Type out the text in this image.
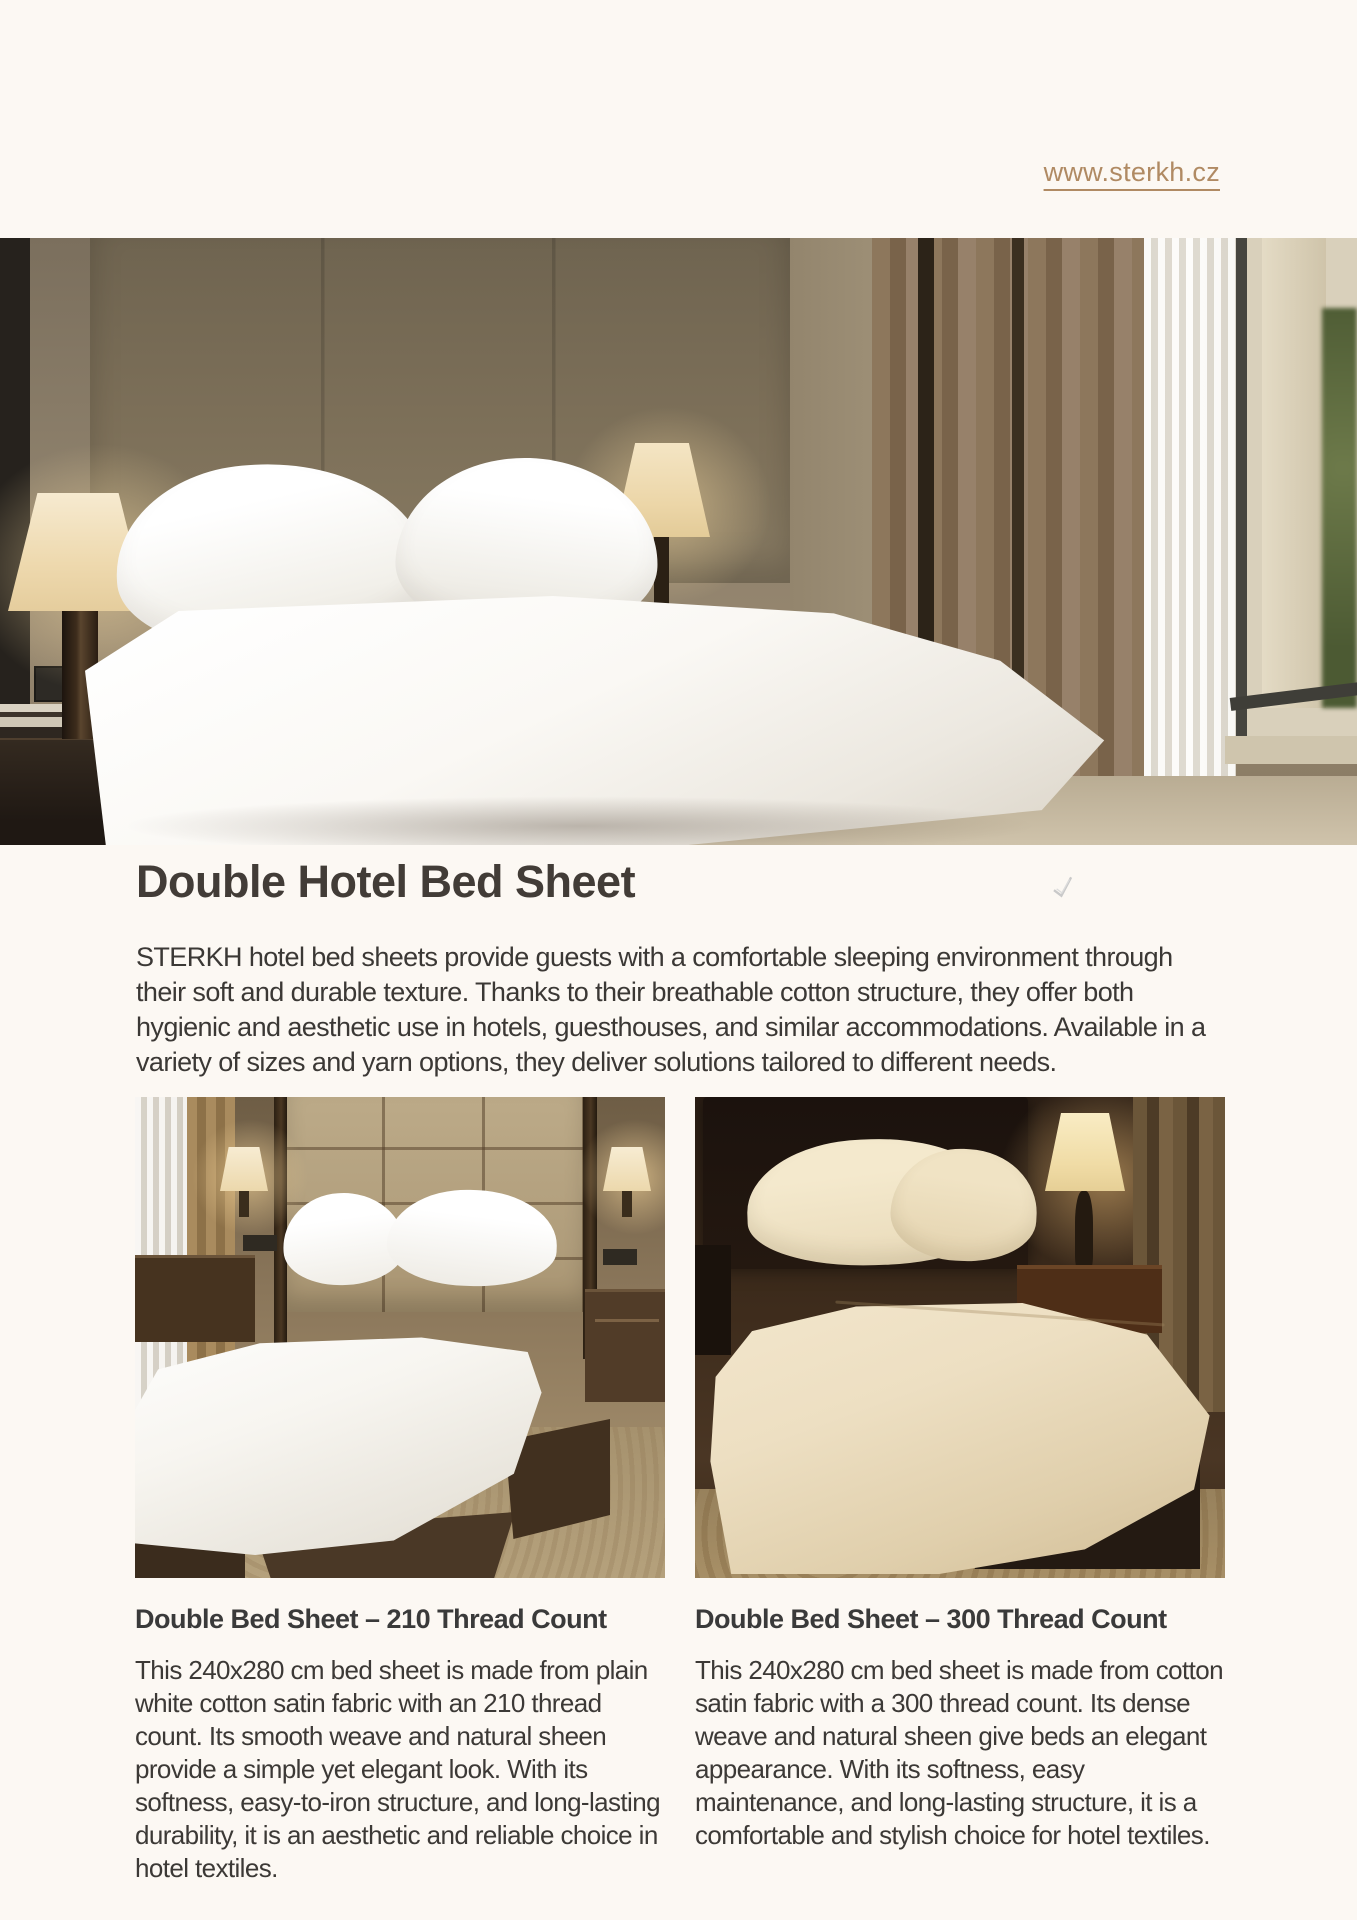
www.sterkh.cz
Double Hotel Bed Sheet

STERKH hotel bed sheets provide guests with a comfortable sleeping environment through their soft and durable texture. Thanks to their breathable cotton structure, they offer both hygienic and aesthetic use in hotels, guesthouses, and similar accommodations. Available in a variety of sizes and yarn options, they deliver solutions tailored to different needs.

Double Bed Sheet – 210 Thread Count

This 240x280 cm bed sheet is made from plain white cotton satin fabric with an 210 thread count. Its smooth weave and natural sheen provide a simple yet elegant look. With its softness, easy-to-iron structure, and long-lasting durability, it is an aesthetic and reliable choice in hotel textiles.

Double Bed Sheet – 300 Thread Count

This 240x280 cm bed sheet is made from cotton satin fabric with a 300 thread count. Its dense weave and natural sheen give beds an elegant appearance. With its softness, easy maintenance, and long-lasting structure, it is a comfortable and stylish choice for hotel textiles.
